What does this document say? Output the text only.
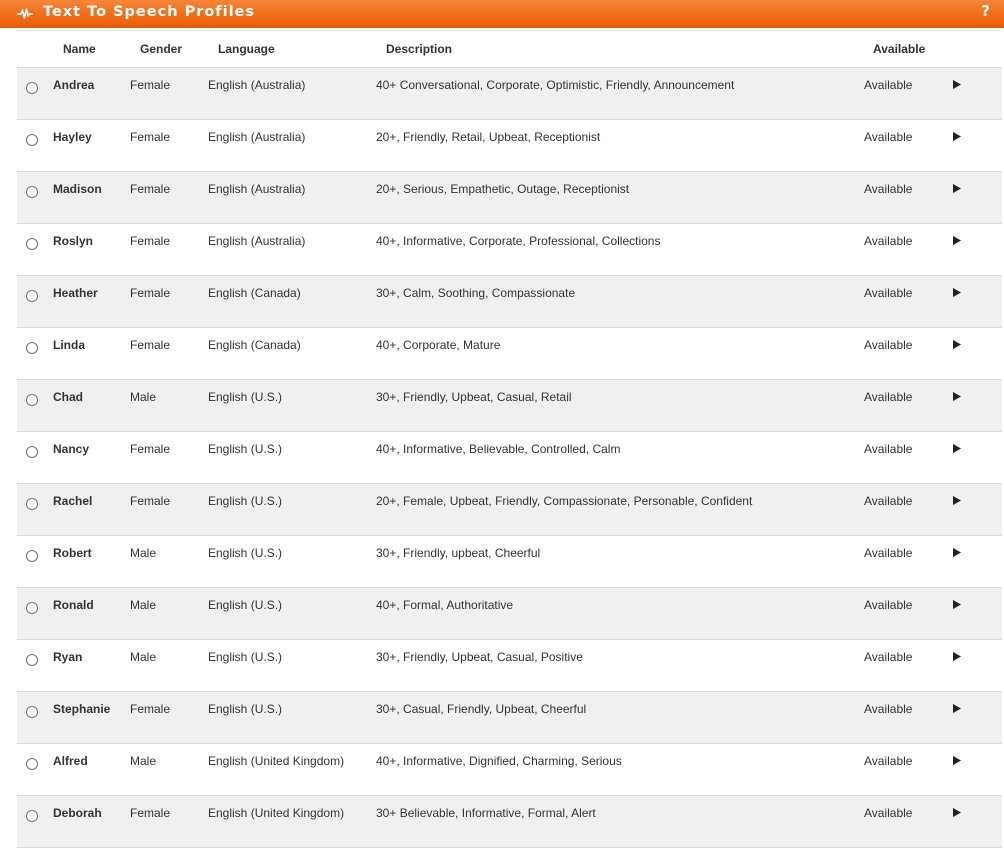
Text To Speech Profiles	?
Name	Gender	Language	Description	Available
Andrea	Female	English (Australia)	40+ Conversational, Corporate, Optimistic, Friendly, Announcement	Available
Hayley	Female	English (Australia)	20+, Friendly, Retail, Upbeat, Receptionist	Available
Madison Female	English (Australia)	20+, Serious, Empathetic, Outage, Receptionist	Available
Roslyn	Female	English (Australia)	40+, Informative, Corporate, Professional, Collections	Available
Heather	Female	English (Canada)	30+, Calm, Soothing, Compassionate	Available
Linda	Female	English (Canada)	40+, Corporate, Mature	Available
Chad	Male	English (U.S.)	30+, Friendly, Upbeat, Casual, Retail	Available
Nancy	Female	English (U.S.)	40+, Informative, Believable, Controlled, Calm	Available
Rachel	Female	English (U.S.)	20+, Female, Upbeat, Friendly, Compassionate, Personable, Confident	Available
Robert	Male	English (U.S.)	30+, Friendly, upbeat, Cheerful	Available
Ronald	Male	English (U.S.)	40+, Formal, Authoritative	Available
Ryan	Male	English (U.S.)	30+, Friendly, Upbeat, Casual, Positive	Available
Stephanie Female	English (U.S.)	30+, Casual, Friendly, Upbeat, Cheerful	Available
Alfred	Male	English (United Kingdom)	40+, Informative, Dignified, Charming, Serious	Available
Deborah Female	English (United Kingdom)	30+ Believable, Informative, Formal, Alert	Available
